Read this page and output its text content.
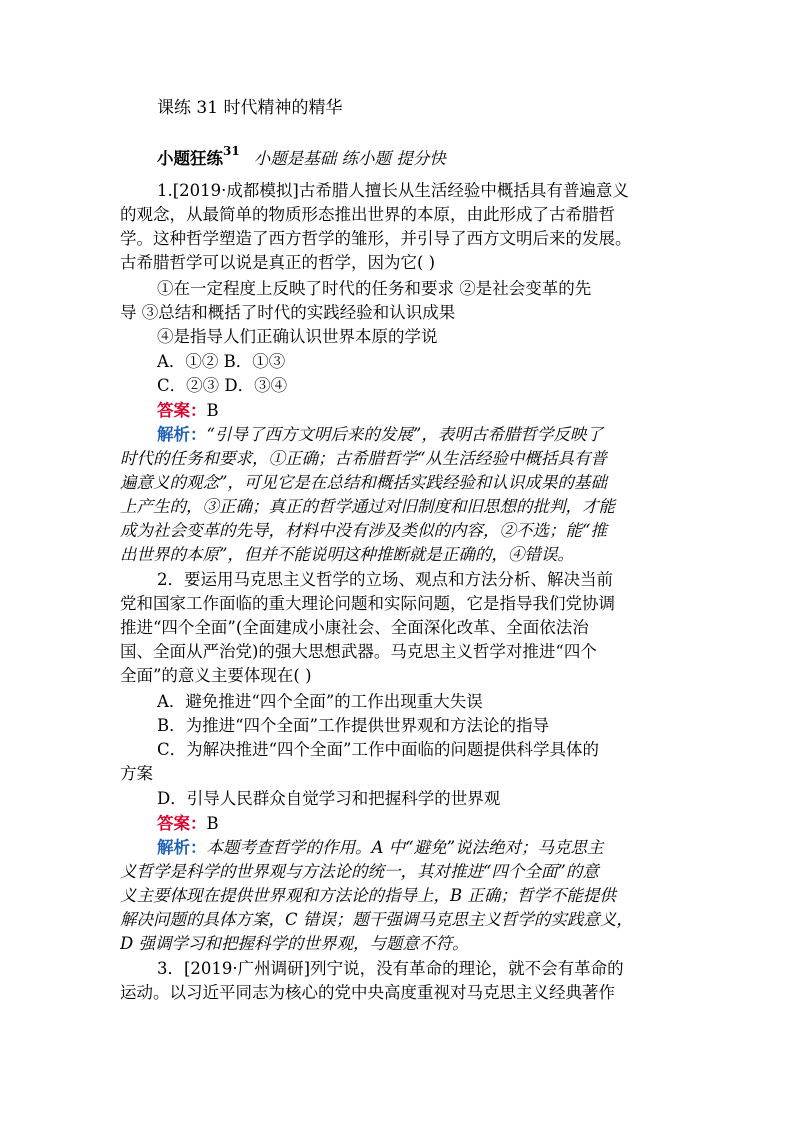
课练 31 时代精神的精华
小题狂练$^{31}$ 小题是基础 练小题 提分快
1.[2019·成都模拟]古希腊人擅长从生活经验中概括具有普遍意义
的观念，从最简单的物质形态推出世界的本原，由此形成了古希腊哲
学。这种哲学塑造了西方哲学的雏形，并引导了西方文明后来的发展。
古希腊哲学可以说是真正的哲学，因为它( )
①在一定程度上反映了时代的任务和要求 ②是社会变革的先
导 ③总结和概括了时代的实践经验和认识成果
④是指导人们正确认识世界本原的学说
A．①② B．①③
C．②③ D．③④
答案：B
解析：“引导了西方文明后来的发展”，表明古希腊哲学反映了
时代的任务和要求，①正确；古希腊哲学“从生活经验中概括具有普
遍意义的观念”，可见它是在总结和概括实践经验和认识成果的基础
上产生的，③正确；真正的哲学通过对旧制度和旧思想的批判，才能
成为社会变革的先导，材料中没有涉及类似的内容，②不选；能“推
出世界的本原”，但并不能说明这种推断就是正确的，④错误。
2．要运用马克思主义哲学的立场、观点和方法分析、解决当前
党和国家工作面临的重大理论问题和实际问题，它是指导我们党协调
推进“四个全面”(全面建成小康社会、全面深化改革、全面依法治
国、全面从严治党)的强大思想武器。马克思主义哲学对推进“四个
全面”的意义主要体现在( )
A．避免推进“四个全面”的工作出现重大失误
B．为推进“四个全面”工作提供世界观和方法论的指导
C．为解决推进“四个全面”工作中面临的问题提供科学具体的
方案
D．引导人民群众自觉学习和把握科学的世界观
答案：B
解析：本题考查哲学的作用。A 中“避免”说法绝对；马克思主
义哲学是科学的世界观与方法论的统一，其对推进“四个全面”的意
义主要体现在提供世界观和方法论的指导上，B 正确；哲学不能提供
解决问题的具体方案，C 错误；题干强调马克思主义哲学的实践意义，
D 强调学习和把握科学的世界观，与题意不符。
3．[2019·广州调研]列宁说，没有革命的理论，就不会有革命的
运动。以习近平同志为核心的党中央高度重视对马克思主义经典著作
